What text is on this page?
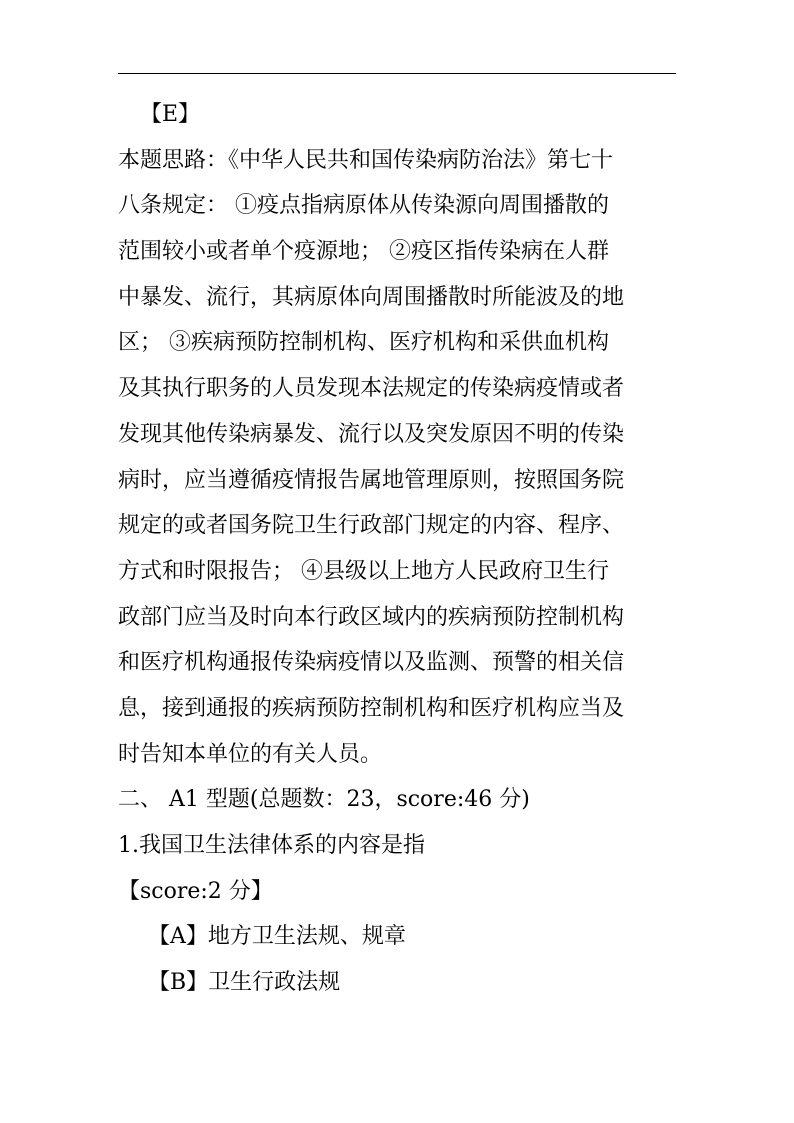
【E】
本题思路：《中华人民共和国传染病防治法》第七十
八条规定： ①疫点指病原体从传染源向周围播散的
范围较小或者单个疫源地； ②疫区指传染病在人群
中暴发、流行，其病原体向周围播散时所能波及的地
区； ③疾病预防控制机构、医疗机构和采供血机构
及其执行职务的人员发现本法规定的传染病疫情或者
发现其他传染病暴发、流行以及突发原因不明的传染
病时，应当遵循疫情报告属地管理原则，按照国务院
规定的或者国务院卫生行政部门规定的内容、程序、
方式和时限报告； ④县级以上地方人民政府卫生行
政部门应当及时向本行政区域内的疾病预防控制机构
和医疗机构通报传染病疫情以及监测、预警的相关信
息，接到通报的疾病预防控制机构和医疗机构应当及
时告知本单位的有关人员。
二、 A1 型题(总题数：23，score:46 分)
1.我国卫生法律体系的内容是指
【score:2 分】
【A】地方卫生法规、规章
【B】卫生行政法规
